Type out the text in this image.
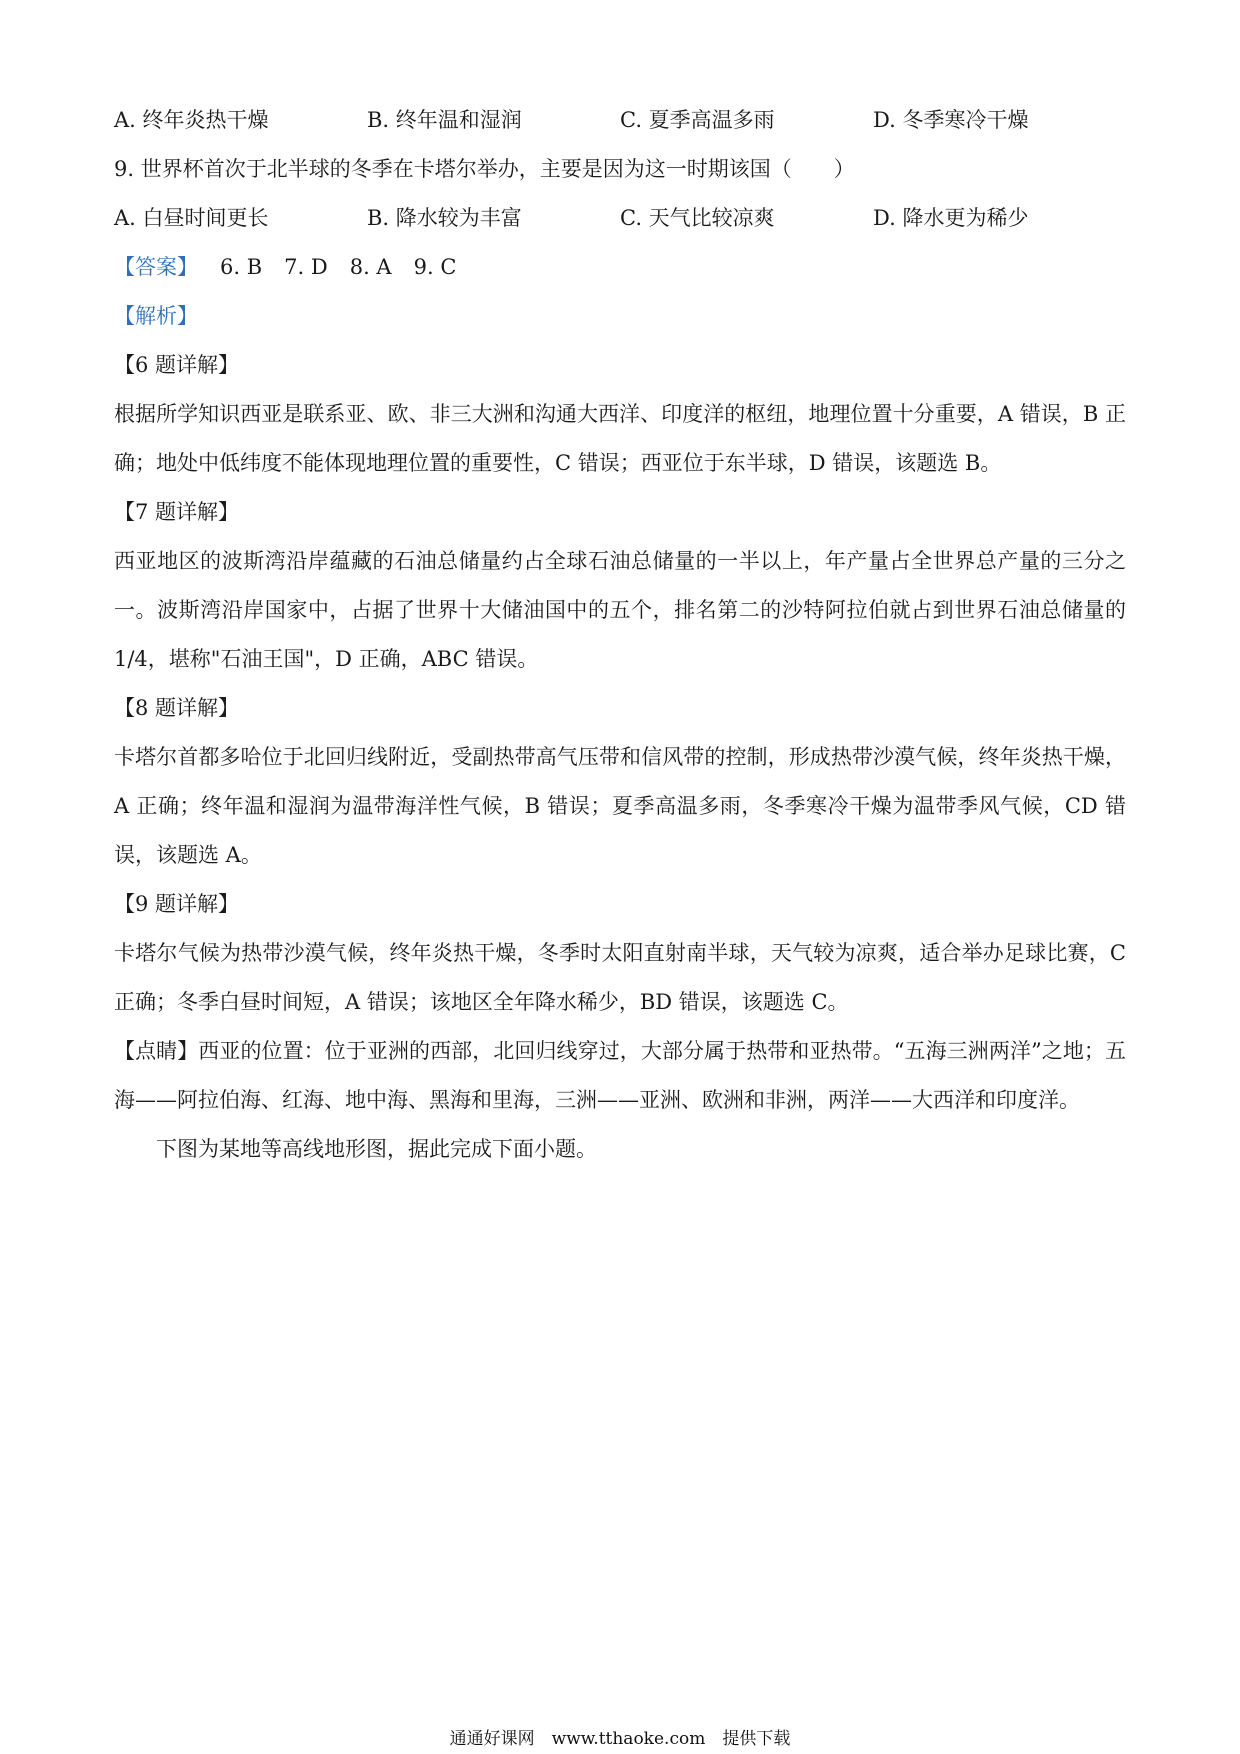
A. 终年炎热干燥	B. 终年温和湿润	C. 夏季高温多雨	D. 冬季寒冷干燥
9. 世界杯首次于北半球的冬季在卡塔尔举办，主要是因为这一时期该国（　　）
A. 白昼时间更长	B. 降水较为丰富	C. 天气比较凉爽	D. 降水更为稀少
【答案】 6. B 7. D 8. A 9. C
【解析】
【6 题详解】
根据所学知识西亚是联系亚、欧、非三大洲和沟通大西洋、印度洋的枢纽，地理位置十分重要，A 错误，B 正确；地处中低纬度不能体现地理位置的重要性，C 错误；西亚位于东半球，D 错误，该题选 B。
【7 题详解】
西亚地区的波斯湾沿岸蕴藏的石油总储量约占全球石油总储量的一半以上，年产量占全世界总产量的三分之一。波斯湾沿岸国家中，占据了世界十大储油国中的五个，排名第二的沙特阿拉伯就占到世界石油总储量的 1/4，堪称"石油王国"，D 正确，ABC 错误。
【8 题详解】
卡塔尔首都多哈位于北回归线附近，受副热带高气压带和信风带的控制，形成热带沙漠气候，终年炎热干燥，A 正确；终年温和湿润为温带海洋性气候，B 错误；夏季高温多雨，冬季寒冷干燥为温带季风气候，CD 错误，该题选 A。
【9 题详解】
卡塔尔气候为热带沙漠气候，终年炎热干燥，冬季时太阳直射南半球，天气较为凉爽，适合举办足球比赛，C 正确；冬季白昼时间短，A 错误；该地区全年降水稀少，BD 错误，该题选 C。
【点睛】西亚的位置：位于亚洲的西部，北回归线穿过，大部分属于热带和亚热带。“五海三洲两洋”之地；五海——阿拉伯海、红海、地中海、黑海和里海，三洲——亚洲、欧洲和非洲，两洋——大西洋和印度洋。
下图为某地等高线地形图，据此完成下面小题。
通通好课网　www.tthaoke.com　提供下载
